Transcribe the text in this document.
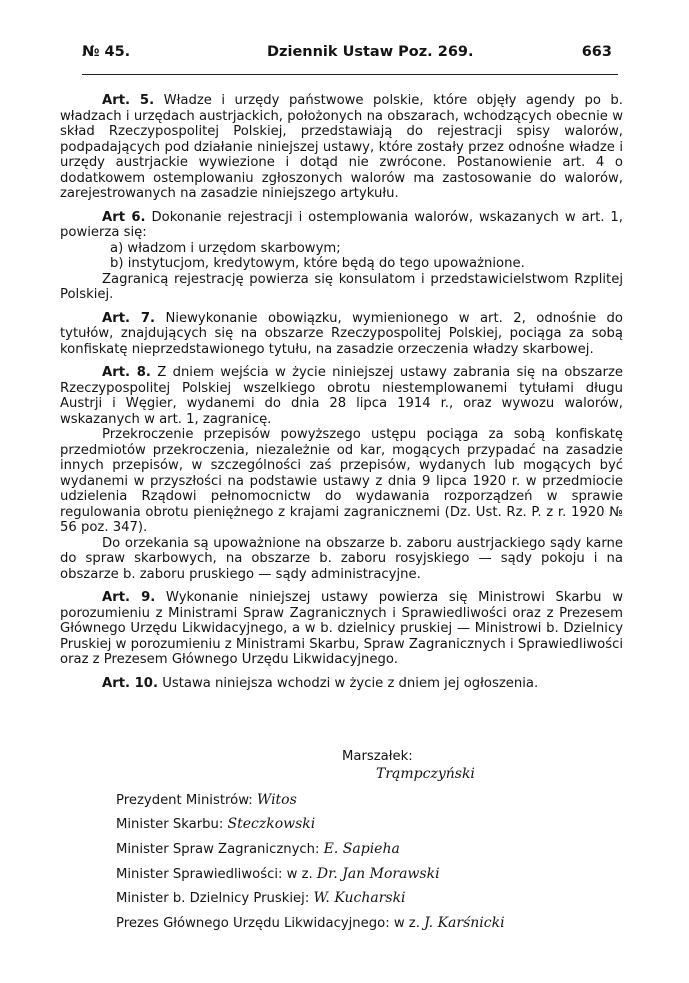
№ 45.	Dziennik Ustaw Poz. 269.	663

Art. 5. Władze i urzędy państwowe polskie, które objęły agendy po b. władzach i urzędach austrjackich, położonych na obszarach, wchodzących obecnie w skład Rzeczypospolitej Polskiej, przedstawiają do rejestracji spisy walorów, podpadających pod działanie niniejszej ustawy, które zostały przez odnośne władze i urzędy austrjackie wywiezione i dotąd nie zwrócone. Postanowienie art. 4 o dodatkowem ostemplowaniu zgłoszonych walorów ma zastosowanie do walorów, zarejestrowanych na zasadzie niniejszego artykułu.

Art 6. Dokonanie rejestracji i ostemplowania walorów, wskazanych w art. 1, powierza się:

a) władzom i urzędom skarbowym;

b) instytucjom, kredytowym, które będą do tego upoważnione.

Zagranicą rejestrację powierza się konsulatom i przedstawicielstwom Rzplitej Polskiej.

Art. 7. Niewykonanie obowiązku, wymienionego w art. 2, odnośnie do tytułów, znajdujących się na obszarze Rzeczypospolitej Polskiej, pociąga za sobą konfiskatę nieprzedstawionego tytułu, na zasadzie orzeczenia władzy skarbowej.

Art. 8. Z dniem wejścia w życie niniejszej ustawy zabrania się na obszarze Rzeczypospolitej Polskiej wszelkiego obrotu niestemplowanemi tytułami długu Austrji i Węgier, wydanemi do dnia 28 lipca 1914 r., oraz wywozu walorów, wskazanych w art. 1, zagranicę.

Przekroczenie przepisów powyższego ustępu pociąga za sobą konfiskatę przedmiotów przekroczenia, niezależnie od kar, mogących przypadać na zasadzie innych przepisów, w szczególności zaś przepisów, wydanych lub mogących być wydanemi w przyszłości na podstawie ustawy z dnia 9 lipca 1920 r. w przedmiocie udzielenia Rządowi pełnomocnictw do wydawania rozporządzeń w sprawie regulowania obrotu pieniężnego z krajami zagranicznemi (Dz. Ust. Rz. P. z r. 1920 № 56 poz. 347).

Do orzekania są upoważnione na obszarze b. zaboru austrjackiego sądy karne do spraw skarbowych, na obszarze b. zaboru rosyjskiego — sądy pokoju i na obszarze b. zaboru pruskiego — sądy administracyjne.

Art. 9. Wykonanie niniejszej ustawy powierza się Ministrowi Skarbu w porozumieniu z Ministrami Spraw Zagranicznych i Sprawiedliwości oraz z Prezesem Głównego Urzędu Likwidacyjnego, a w b. dzielnicy pruskiej — Ministrowi b. Dzielnicy Pruskiej w porozumieniu z Ministrami Skarbu, Spraw Zagranicznych i Sprawiedliwości oraz z Prezesem Głównego Urzędu Likwidacyjnego.

Art. 10. Ustawa niniejsza wchodzi w życie z dniem jej ogłoszenia.

Marszałek:
Trąmpczyński
Prezydent Ministrów: Witos
Minister Skarbu: Steczkowski
Minister Spraw Zagranicznych: E. Sapieha
Minister Sprawiedliwości: w z. Dr. Jan Morawski
Minister b. Dzielnicy Pruskiej: W. Kucharski
Prezes Głównego Urzędu Likwidacyjnego: w z. J. Karśnicki
